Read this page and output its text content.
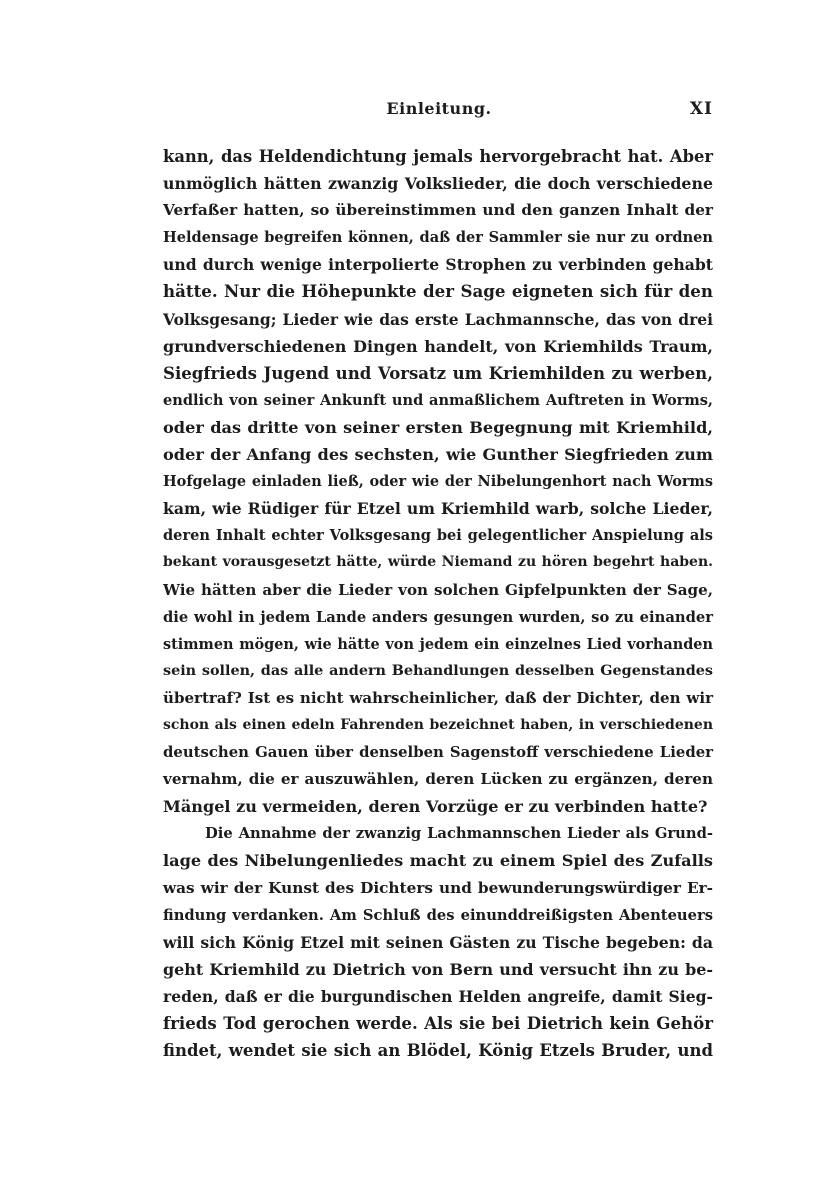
Einleitung.	XI
kann, das Heldendichtung jemals hervorgebracht hat. Aber
unmöglich hätten zwanzig Volkslieder, die doch verschiedene
Verfaßer hatten, so übereinstimmen und den ganzen Inhalt der
Heldensage begreifen können, daß der Sammler sie nur zu ordnen
und durch wenige interpolierte Strophen zu verbinden gehabt
hätte. Nur die Höhepunkte der Sage eigneten sich für den
Volksgesang; Lieder wie das erste Lachmannsche, das von drei
grundverschiedenen Dingen handelt, von Kriemhilds Traum,
Siegfrieds Jugend und Vorsatz um Kriemhilden zu werben,
endlich von seiner Ankunft und anmaßlichem Auftreten in Worms,
oder das dritte von seiner ersten Begegnung mit Kriemhild,
oder der Anfang des sechsten, wie Gunther Siegfrieden zum
Hofgelage einladen ließ, oder wie der Nibelungenhort nach Worms
kam, wie Rüdiger für Etzel um Kriemhild warb, solche Lieder,
deren Inhalt echter Volksgesang bei gelegentlicher Anspielung als
bekant vorausgesetzt hätte, würde Niemand zu hören begehrt haben.
Wie hätten aber die Lieder von solchen Gipfelpunkten der Sage,
die wohl in jedem Lande anders gesungen wurden, so zu einander
stimmen mögen, wie hätte von jedem ein einzelnes Lied vorhanden
sein sollen, das alle andern Behandlungen desselben Gegenstandes
übertraf? Ist es nicht wahrscheinlicher, daß der Dichter, den wir
schon als einen edeln Fahrenden bezeichnet haben, in verschiedenen
deutschen Gauen über denselben Sagenstoff verschiedene Lieder
vernahm, die er auszuwählen, deren Lücken zu ergänzen, deren
Mängel zu vermeiden, deren Vorzüge er zu verbinden hatte?
Die Annahme der zwanzig Lachmannschen Lieder als Grund-
lage des Nibelungenliedes macht zu einem Spiel des Zufalls
was wir der Kunst des Dichters und bewunderungswürdiger Er-
findung verdanken. Am Schluß des einunddreißigsten Abenteuers
will sich König Etzel mit seinen Gästen zu Tische begeben: da
geht Kriemhild zu Dietrich von Bern und versucht ihn zu be-
reden, daß er die burgundischen Helden angreife, damit Sieg-
frieds Tod gerochen werde. Als sie bei Dietrich kein Gehör
findet, wendet sie sich an Blödel, König Etzels Bruder, und
